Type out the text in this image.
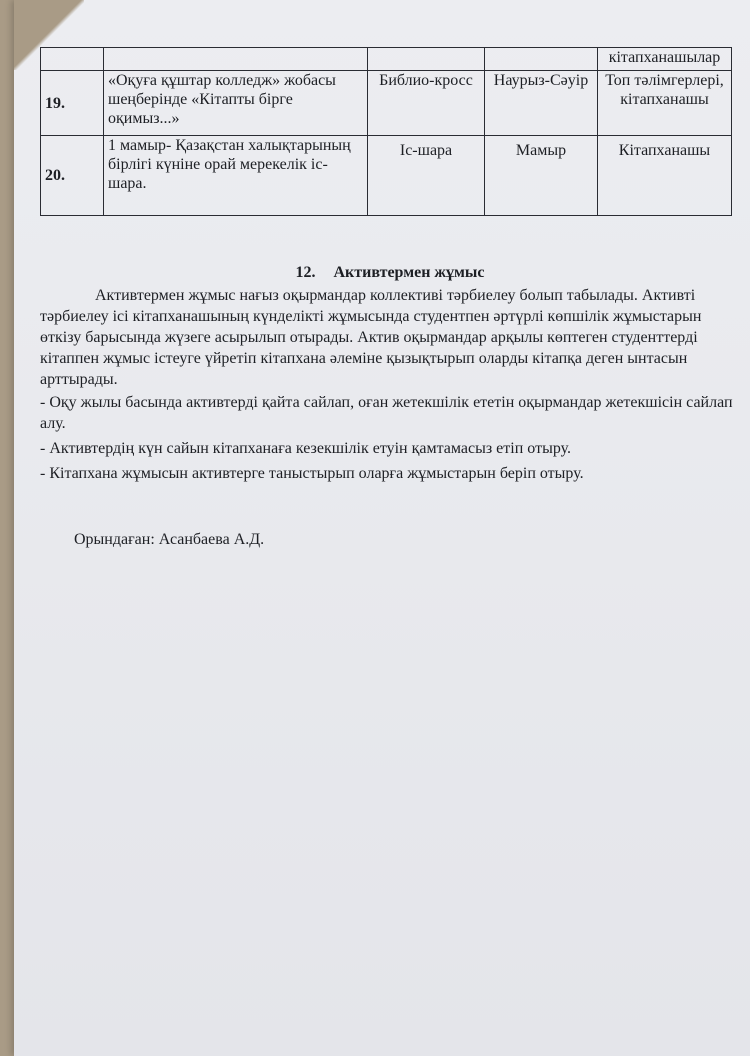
				кітапханашылар
19.	«Оқуға құштар колледж» жобасы шеңберінде «Кітапты бірге оқимыз...»	Библио-кросс	Наурыз-Сәуір	Топ тәлімгерлері, кітапханашы
20.	1 мамыр- Қазақстан халықтарының бірлігі күніне орай мерекелік іс-шара.	Іс-шара	Мамыр	Кітапханашы

12. Активтермен жұмыс

Активтермен жұмыс нағыз оқырмандар коллективі тәрбиелеу болып табылады. Активті тәрбиелеу ісі кітапханашының күнделікті жұмысында студентпен әртүрлі көпшілік жұмыстарын өткізу барысында жүзеге асырылып отырады. Актив оқырмандар арқылы көптеген студенттерді кітаппен жұмыс істеуге үйретіп кітапхана әлеміне қызықтырып оларды кітапқа деген ынтасын арттырады.

- Оқу жылы басында активтерді қайта сайлап, оған жетекшілік ететін оқырмандар жетекшісін сайлап алу.
- Активтердің күн сайын кітапханаға кезекшілік етуін қамтамасыз етіп отыру.
- Кітапхана жұмысын активтерге таныстырып оларға жұмыстарын беріп отыру.
Орындаған: Асанбаева А.Д.
